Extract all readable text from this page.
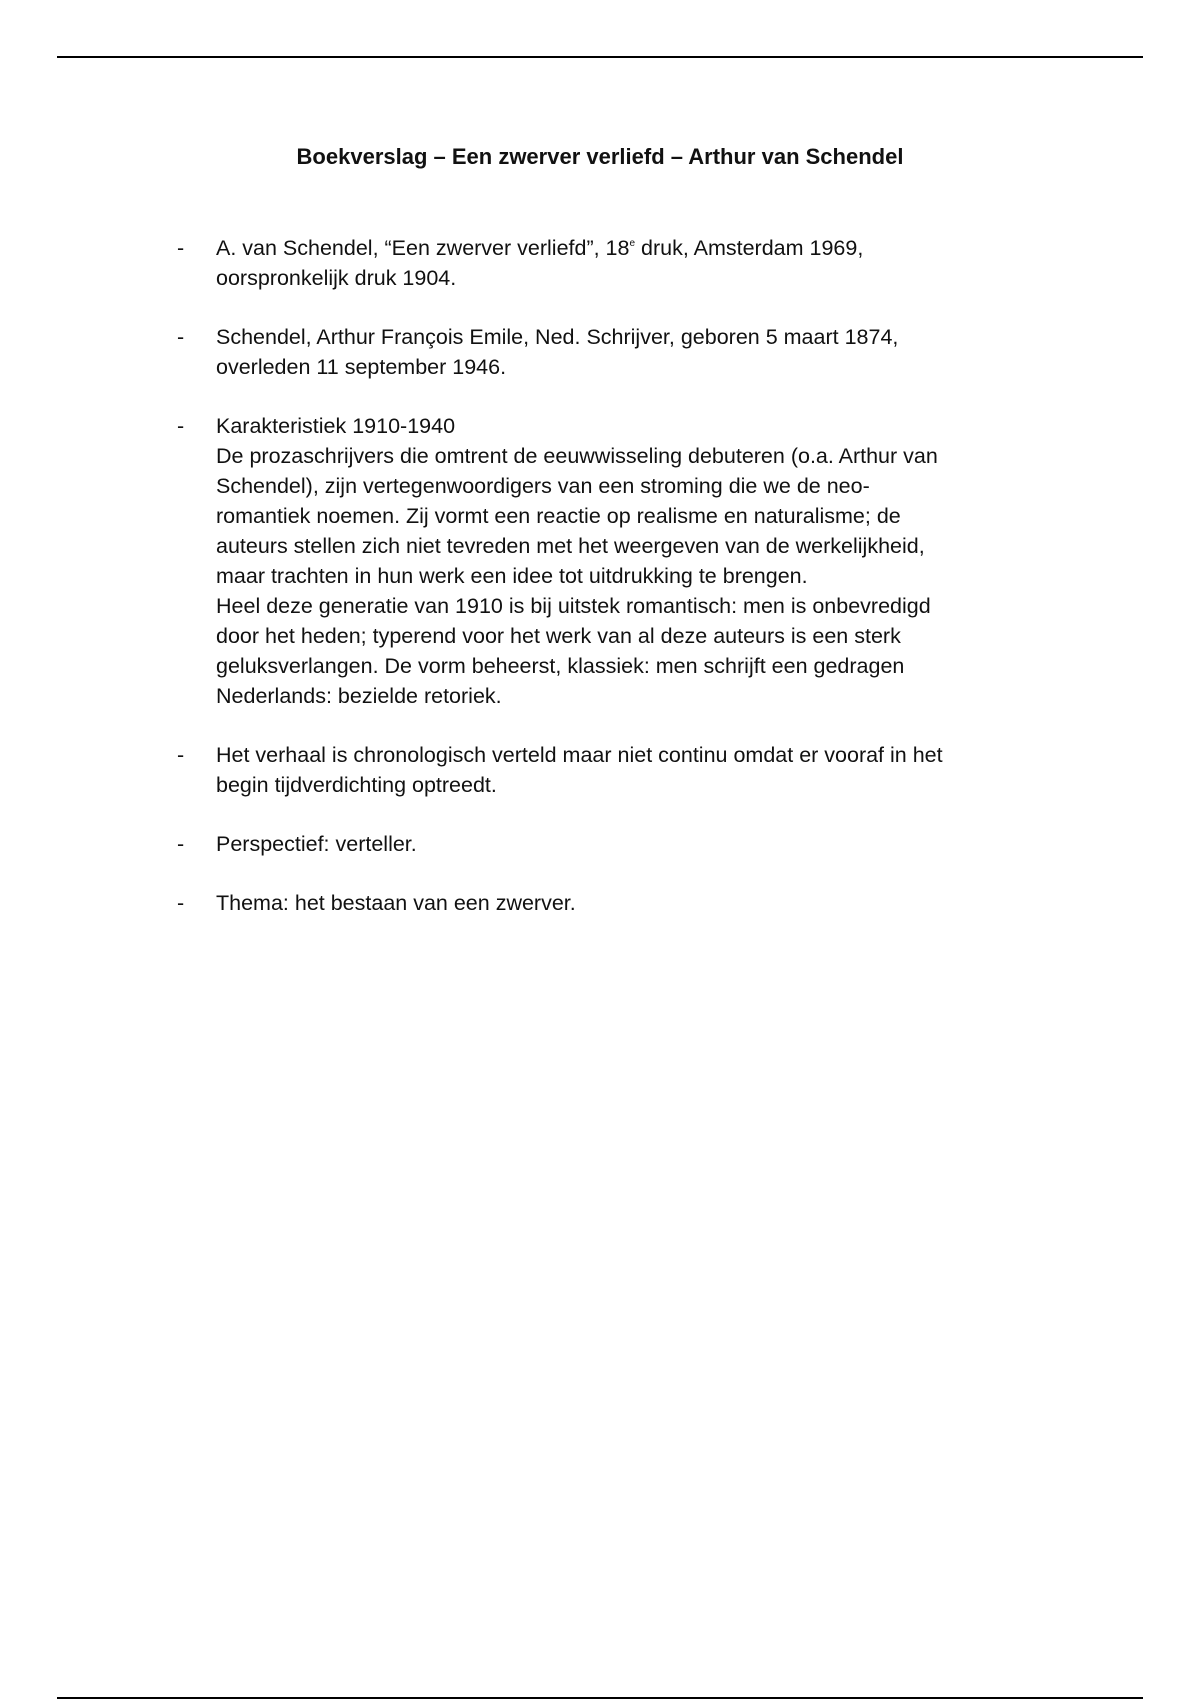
Boekverslag – Een zwerver verliefd – Arthur van Schendel
- A. van Schendel, “Een zwerver verliefd”, 18e druk, Amsterdam 1969,
oorspronkelijk druk 1904.
- Schendel, Arthur François Emile, Ned. Schrijver, geboren 5 maart 1874,
overleden 11 september 1946.
- Karakteristiek 1910-1940
De prozaschrijvers die omtrent de eeuwwisseling debuteren (o.a. Arthur van
Schendel), zijn vertegenwoordigers van een stroming die we de neo-
romantiek noemen. Zij vormt een reactie op realisme en naturalisme; de
auteurs stellen zich niet tevreden met het weergeven van de werkelijkheid,
maar trachten in hun werk een idee tot uitdrukking te brengen.
Heel deze generatie van 1910 is bij uitstek romantisch: men is onbevredigd
door het heden; typerend voor het werk van al deze auteurs is een sterk
geluksverlangen. De vorm beheerst, klassiek: men schrijft een gedragen
Nederlands: bezielde retoriek.
- Het verhaal is chronologisch verteld maar niet continu omdat er vooraf in het
begin tijdverdichting optreedt.
- Perspectief: verteller.
- Thema: het bestaan van een zwerver.
